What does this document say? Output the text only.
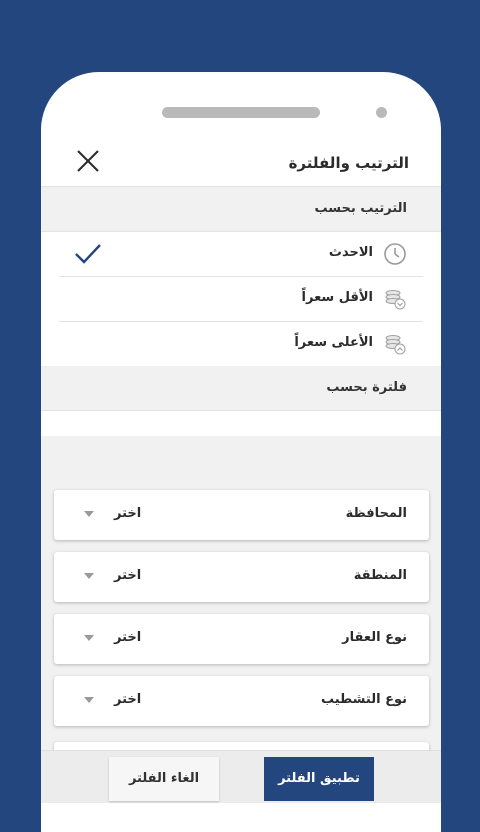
الترتيب والفلترة
الترتيب بحسب
الاحدث
الأقل سعراً
الأعلى سعراً
فلترة بحسب
المحافظة
اختر
المنطقة
اختر
نوع العقار
اختر
نوع التشطيب
اختر
تطبيق الفلتر
الغاء الفلتر
